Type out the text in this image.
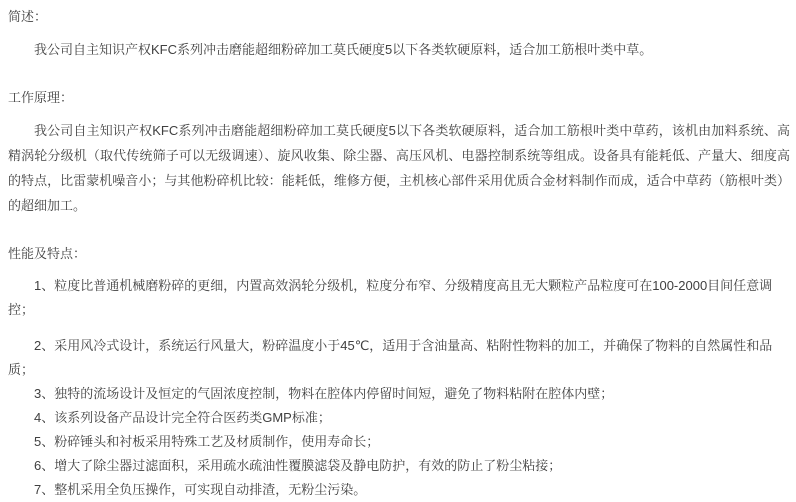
简述：

我公司自主知识产权KFC系列冲击磨能超细粉碎加工莫氏硬度5以下各类软硬原料，适合加工筋根叶类中草。

工作原理：

我公司自主知识产权KFC系列冲击磨能超细粉碎加工莫氏硬度5以下各类软硬原料，适合加工筋根叶类中草药，该机由加料系统、高精涡轮分级机（取代传统筛子可以无级调速）、旋风收集、除尘器、高压风机、电器控制系统等组成。设备具有能耗低、产量大、细度高的特点，比雷蒙机噪音小；与其他粉碎机比较：能耗低，维修方便，主机核心部件采用优质合金材料制作而成，适合中草药（筋根叶类）的超细加工。

性能及特点：
1、粒度比普通机械磨粉碎的更细，内置高效涡轮分级机，粒度分布窄、分级精度高且无大颗粒产品粒度可在100-2000目间任意调控；
2、采用风冷式设计，系统运行风量大，粉碎温度小于45℃，适用于含油量高、粘附性物料的加工，并确保了物料的自然属性和品质；
3、独特的流场设计及恒定的气固浓度控制，物料在腔体内停留时间短，避免了物料粘附在腔体内壁；
4、该系列设备产品设计完全符合医药类GMP标准；
5、粉碎锤头和衬板采用特殊工艺及材质制作，使用寿命长；
6、增大了除尘器过滤面积，采用疏水疏油性覆膜滤袋及静电防护，有效的防止了粉尘粘接；
7、整机采用全负压操作，可实现自动排渣，无粉尘污染。
